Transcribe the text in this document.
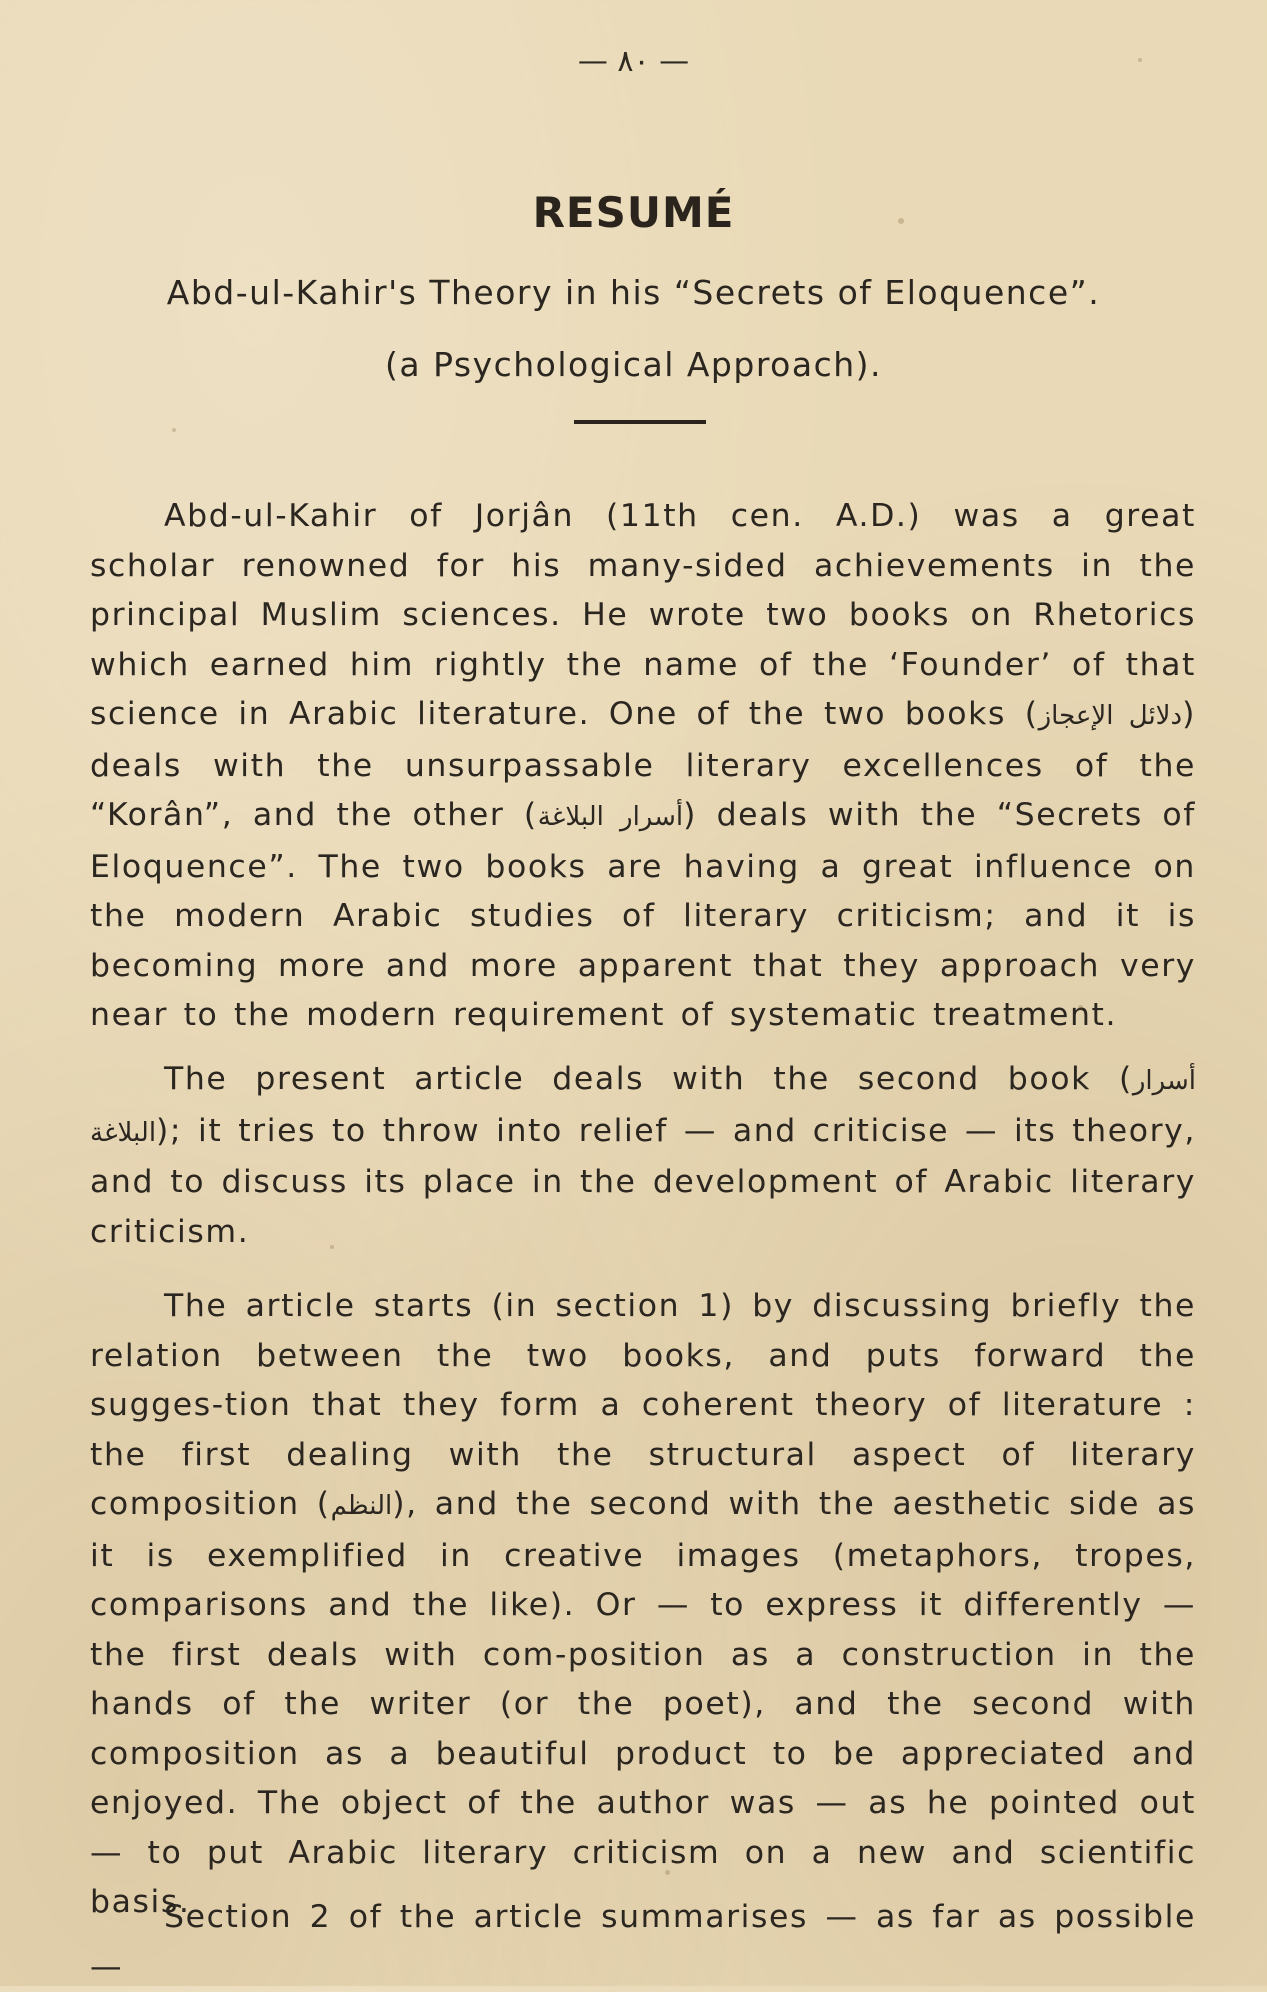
— ٨٠ —
RESUMÉ
Abd-ul-Kahir's Theory in his “Secrets of Eloquence”.
(a Psychological Approach).

Abd-ul-Kahir of Jorjân (11th cen. A.D.) was a great scholar renowned for his many-sided achievements in the principal Muslim sciences. He wrote two books on Rhetorics which earned him rightly the name of the ‘Founder’ of that science in Arabic literature. One of the two books (دلائل الإعجاز) deals with the unsurpassable literary excellences of the “Korân”, and the other (أسرار البلاغة) deals with the “Secrets of Eloquence”. The two books are having a great influence on the modern Arabic studies of literary criticism; and it is becoming more and more apparent that they approach very near to the modern requirement of systematic treatment.

The present article deals with the second book (أسرار البلاغة); it tries to throw into relief — and criticise — its theory, and to discuss its place in the development of Arabic literary criticism.

The article starts (in section 1) by discussing briefly the relation between the two books, and puts forward the sugges-tion that they form a coherent theory of literature : the first dealing with the structural aspect of literary composition (النظم), and the second with the aesthetic side as it is exemplified in creative images (metaphors, tropes, comparisons and the like). Or — to express it differently — the first deals with com-position as a construction in the hands of the writer (or the poet), and the second with composition as a beautiful product to be appreciated and enjoyed. The object of the author was — as he pointed out — to put Arabic literary criticism on a new and scientific basis.

Section 2 of the article summarises — as far as possible —
